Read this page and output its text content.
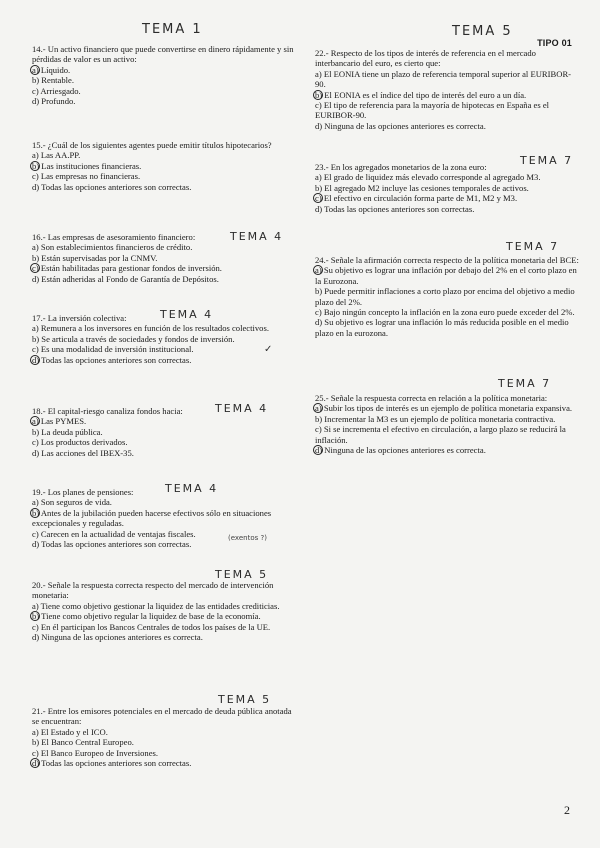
TIPO 01
TEMA 1	TEMA 5
TEMA 4
TEMA 4
TEMA 4
TEMA 4
TEMA 5
TEMA 5
TEMA 7
TEMA 7
TEMA 7
(exentos ?)
✓

14.- Un activo financiero que puede convertirse en dinero rápidamente y sin pérdidas de valor es un activo:

a) Líquido.

b) Rentable.

c) Arriesgado.

d) Profundo.

15.- ¿Cuál de los siguientes agentes puede emitir títulos hipotecarios?

a) Las AA.PP.

b) Las instituciones financieras.

c) Las empresas no financieras.

d) Todas las opciones anteriores son correctas.

16.- Las empresas de asesoramiento financiero:

a) Son establecimientos financieros de crédito.

b) Están supervisadas por la CNMV.

c) Están habilitadas para gestionar fondos de inversión.

d) Están adheridas al Fondo de Garantía de Depósitos.

17.- La inversión colectiva:

a) Remunera a los inversores en función de los resultados colectivos.

b) Se articula a través de sociedades y fondos de inversión.

c) Es una modalidad de inversión institucional.

d) Todas las opciones anteriores son correctas.

18.- El capital-riesgo canaliza fondos hacia:

a) Las PYMES.

b) La deuda pública.

c) Los productos derivados.

d) Las acciones del IBEX-35.

19.- Los planes de pensiones:

a) Son seguros de vida.

b) Antes de la jubilación pueden hacerse efectivos sólo en situaciones excepcionales y reguladas.

c) Carecen en la actualidad de ventajas fiscales.

d) Todas las opciones anteriores son correctas.

20.- Señale la respuesta correcta respecto del mercado de intervención monetaria:

a) Tiene como objetivo gestionar la liquidez de las entidades crediticias.

b) Tiene como objetivo regular la liquidez de base de la economía.

c) En él participan los Bancos Centrales de todos los países de la UE.

d) Ninguna de las opciones anteriores es correcta.

21.- Entre los emisores potenciales en el mercado de deuda pública anotada se encuentran:

a) El Estado y el ICO.

b) El Banco Central Europeo.

c) El Banco Europeo de Inversiones.

d) Todas las opciones anteriores son correctas.

22.- Respecto de los tipos de interés de referencia en el mercado interbancario del euro, es cierto que:

a) El EONIA tiene un plazo de referencia temporal superior al EURIBOR-90.

b) El EONIA es el índice del tipo de interés del euro a un día.

c) El tipo de referencia para la mayoría de hipotecas en España es el EURIBOR-90.

d) Ninguna de las opciones anteriores es correcta.

23.- En los agregados monetarios de la zona euro:

a) El grado de liquidez más elevado corresponde al agregado M3.

b) El agregado M2 incluye las cesiones temporales de activos.

c) El efectivo en circulación forma parte de M1, M2 y M3.

d) Todas las opciones anteriores son correctas.

24.- Señale la afirmación correcta respecto de la política monetaria del BCE:

a) Su objetivo es lograr una inflación por debajo del 2% en el corto plazo en la Eurozona.

b) Puede permitir inflaciones a corto plazo por encima del objetivo a medio plazo del 2%.

c) Bajo ningún concepto la inflación en la zona euro puede exceder del 2%.

d) Su objetivo es lograr una inflación lo más reducida posible en el medio plazo en la eurozona.

25.- Señale la respuesta correcta en relación a la política monetaria:

a) Subir los tipos de interés es un ejemplo de política monetaria expansiva.

b) Incrementar la M3 es un ejemplo de política monetaria contractiva.

c) Si se incrementa el efectivo en circulación, a largo plazo se reducirá la inflación.

d) Ninguna de las opciones anteriores es correcta.

2
